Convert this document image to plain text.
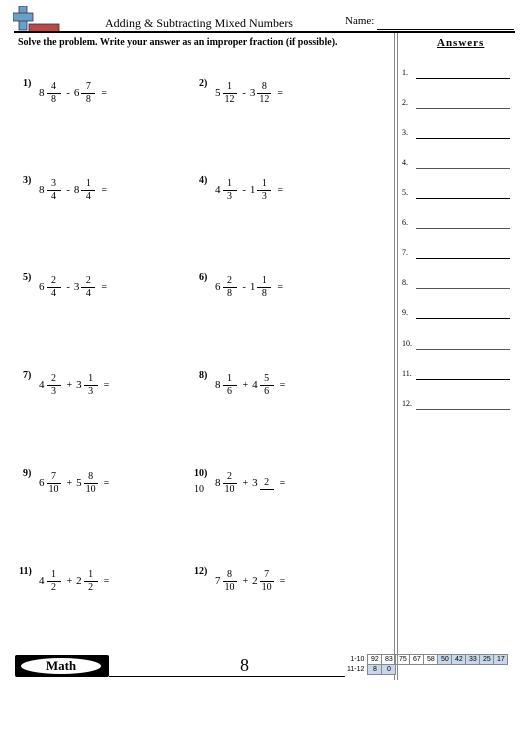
Adding & Subtracting Mixed Numbers	Name:
Solve the problem. Write your answer as an improper fraction (if possible).	Answers
1.
2.
3.
4.
5.
6.
7.
8.
9.
10.
11.
12.
1)
$8 \frac{4}{8} - 6 \frac{7}{8}$ =
2)
$5 \frac{1}{12} - 3 \frac{8}{12}$ =
3)
$8 \frac{3}{4} - 8 \frac{1}{4}$ =
4)
$4 \frac{1}{3} - 1 \frac{1}{3}$ =
5)
$6 \frac{2}{4} - 3 \frac{2}{4}$ =
6)
$6 \frac{2}{8} - 1 \frac{1}{8}$ =
7)
$4 \frac{2}{3} + 3 \frac{1}{3}$ =
8)
$8 \frac{1}{6} + 4 \frac{5}{6}$ =
9)
$6 \frac{7}{10} + 5 \frac{8}{10}$ =
10)
10
$8 \frac{2}{10} + 3$ 2	=
11)
$4 \frac{1}{2} + 2 \frac{1}{2}$ =
12)
$7 \frac{8}{10} + 2 \frac{7}{10}$ =
Math	8	1-10	92	83	75	67	58	50	42	33	25	17
11-12	8	0								
